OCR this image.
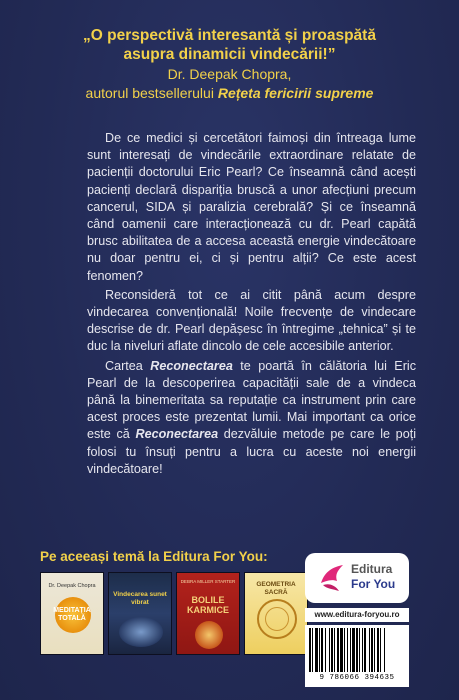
„O perspectivă interesantă și proaspătă
asupra dinamicii vindecării!”
Dr. Deepak Chopra,
autorul bestsellerului Rețeta fericirii supreme

De ce medici și cercetători faimoși din întreaga lume sunt interesați de vindecările extraordinare relatate de pacienții doctorului Eric Pearl? Ce înseamnă când acești pacienți declară dispariția bruscă a unor afecțiuni precum cancerul, SIDA și paralizia cerebrală? Și ce înseamnă când oamenii care interacționează cu dr. Pearl capătă brusc abilitatea de a accesa această energie vindecătoare nu doar pentru ei, ci și pentru alții? Ce este acest fenomen?

Reconsideră tot ce ai citit până acum despre vindecarea convențională! Noile frecvențe de vindecare descrise de dr. Pearl depășesc în întregime „tehnica” și te duc la niveluri aflate dincolo de cele accesibile anterior.

Cartea Reconectarea te poartă în călătoria lui Eric Pearl de la descoperirea capacității sale de a vindeca până la binemeritata sa reputație ca instrument prin care acest proces este prezentat lumii. Mai important ca orice este că Reconectarea dezvăluie metode pe care le poți folosi tu însuți pentru a lucra cu aceste noi energii vindecătoare!

Pe aceeași temă la Editura For You:
Dr. Deepak Chopra
MEDITAȚIA TOTALĂ
Vindecarea sunet vibrat
DEBRA MILLER STARTER
BOLILE KARMICE
GEOMETRIA SACRĂ
Editura
For You
www.editura-foryou.ro
9 786066 394635
